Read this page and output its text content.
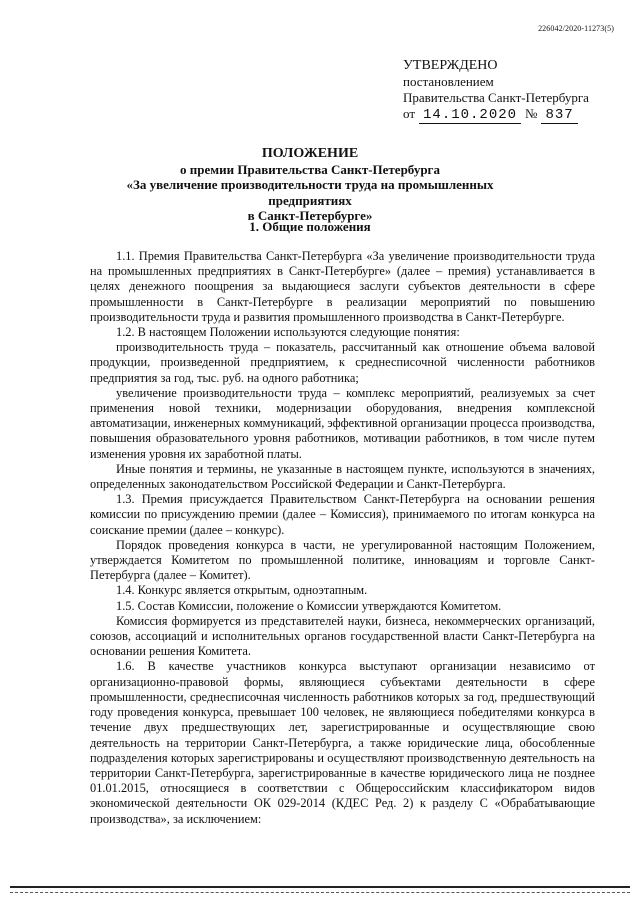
226042/2020-11273(5)
УТВЕРЖДЕНО
постановлением
Правительства Санкт-Петербурга
от 14.10.2020 № 837
ПОЛОЖЕНИЕ
о премии Правительства Санкт-Петербурга
«За увеличение производительности труда на промышленных предприятиях
в Санкт-Петербурге»
1. Общие положения

1.1. Премия Правительства Санкт-Петербурга «За увеличение производительности труда на промышленных предприятиях в Санкт-Петербурге» (далее – премия) устанавливается в целях денежного поощрения за выдающиеся заслуги субъектов деятельности в сфере промышленности в Санкт-Петербурге в реализации мероприятий по повышению производительности труда и развития промышленного производства в Санкт-Петербурге.

1.2. В настоящем Положении используются следующие понятия:

производительность труда – показатель, рассчитанный как отношение объема валовой продукции, произведенной предприятием, к среднесписочной численности работников предприятия за год, тыс. руб. на одного работника;

увеличение производительности труда – комплекс мероприятий, реализуемых за счет применения новой техники, модернизации оборудования, внедрения комплексной автоматизации, инженерных коммуникаций, эффективной организации процесса производства, повышения образовательного уровня работников, мотивации работников, в том числе путем изменения уровня их заработной платы.

Иные понятия и термины, не указанные в настоящем пункте, используются в значениях, определенных законодательством Российской Федерации и Санкт-Петербурга.

1.3. Премия присуждается Правительством Санкт-Петербурга на основании решения комиссии по присуждению премии (далее – Комиссия), принимаемого по итогам конкурса на соискание премии (далее – конкурс).

Порядок проведения конкурса в части, не урегулированной настоящим Положением, утверждается Комитетом по промышленной политике, инновациям и торговле Санкт-Петербурга (далее – Комитет).

1.4. Конкурс является открытым, одноэтапным.

1.5. Состав Комиссии, положение о Комиссии утверждаются Комитетом.

Комиссия формируется из представителей науки, бизнеса, некоммерческих организаций, союзов, ассоциаций и исполнительных органов государственной власти Санкт-Петербурга на основании решения Комитета.

1.6. В качестве участников конкурса выступают организации независимо от организационно-правовой формы, являющиеся субъектами деятельности в сфере промышленности, среднесписочная численность работников которых за год, предшествующий году проведения конкурса, превышает 100 человек, не являющиеся победителями конкурса в течение двух предшествующих лет, зарегистрированные и осуществляющие свою деятельность на территории Санкт-Петербурга, а также юридические лица, обособленные подразделения которых зарегистрированы и осуществляют производственную деятельность на территории Санкт-Петербурга, зарегистрированные в качестве юридического лица не позднее 01.01.2015, относящиеся в соответствии с Общероссийским классификатором видов экономической деятельности ОК 029-2014 (КДЕС Ред. 2) к разделу С «Обрабатывающие производства», за исключением:
